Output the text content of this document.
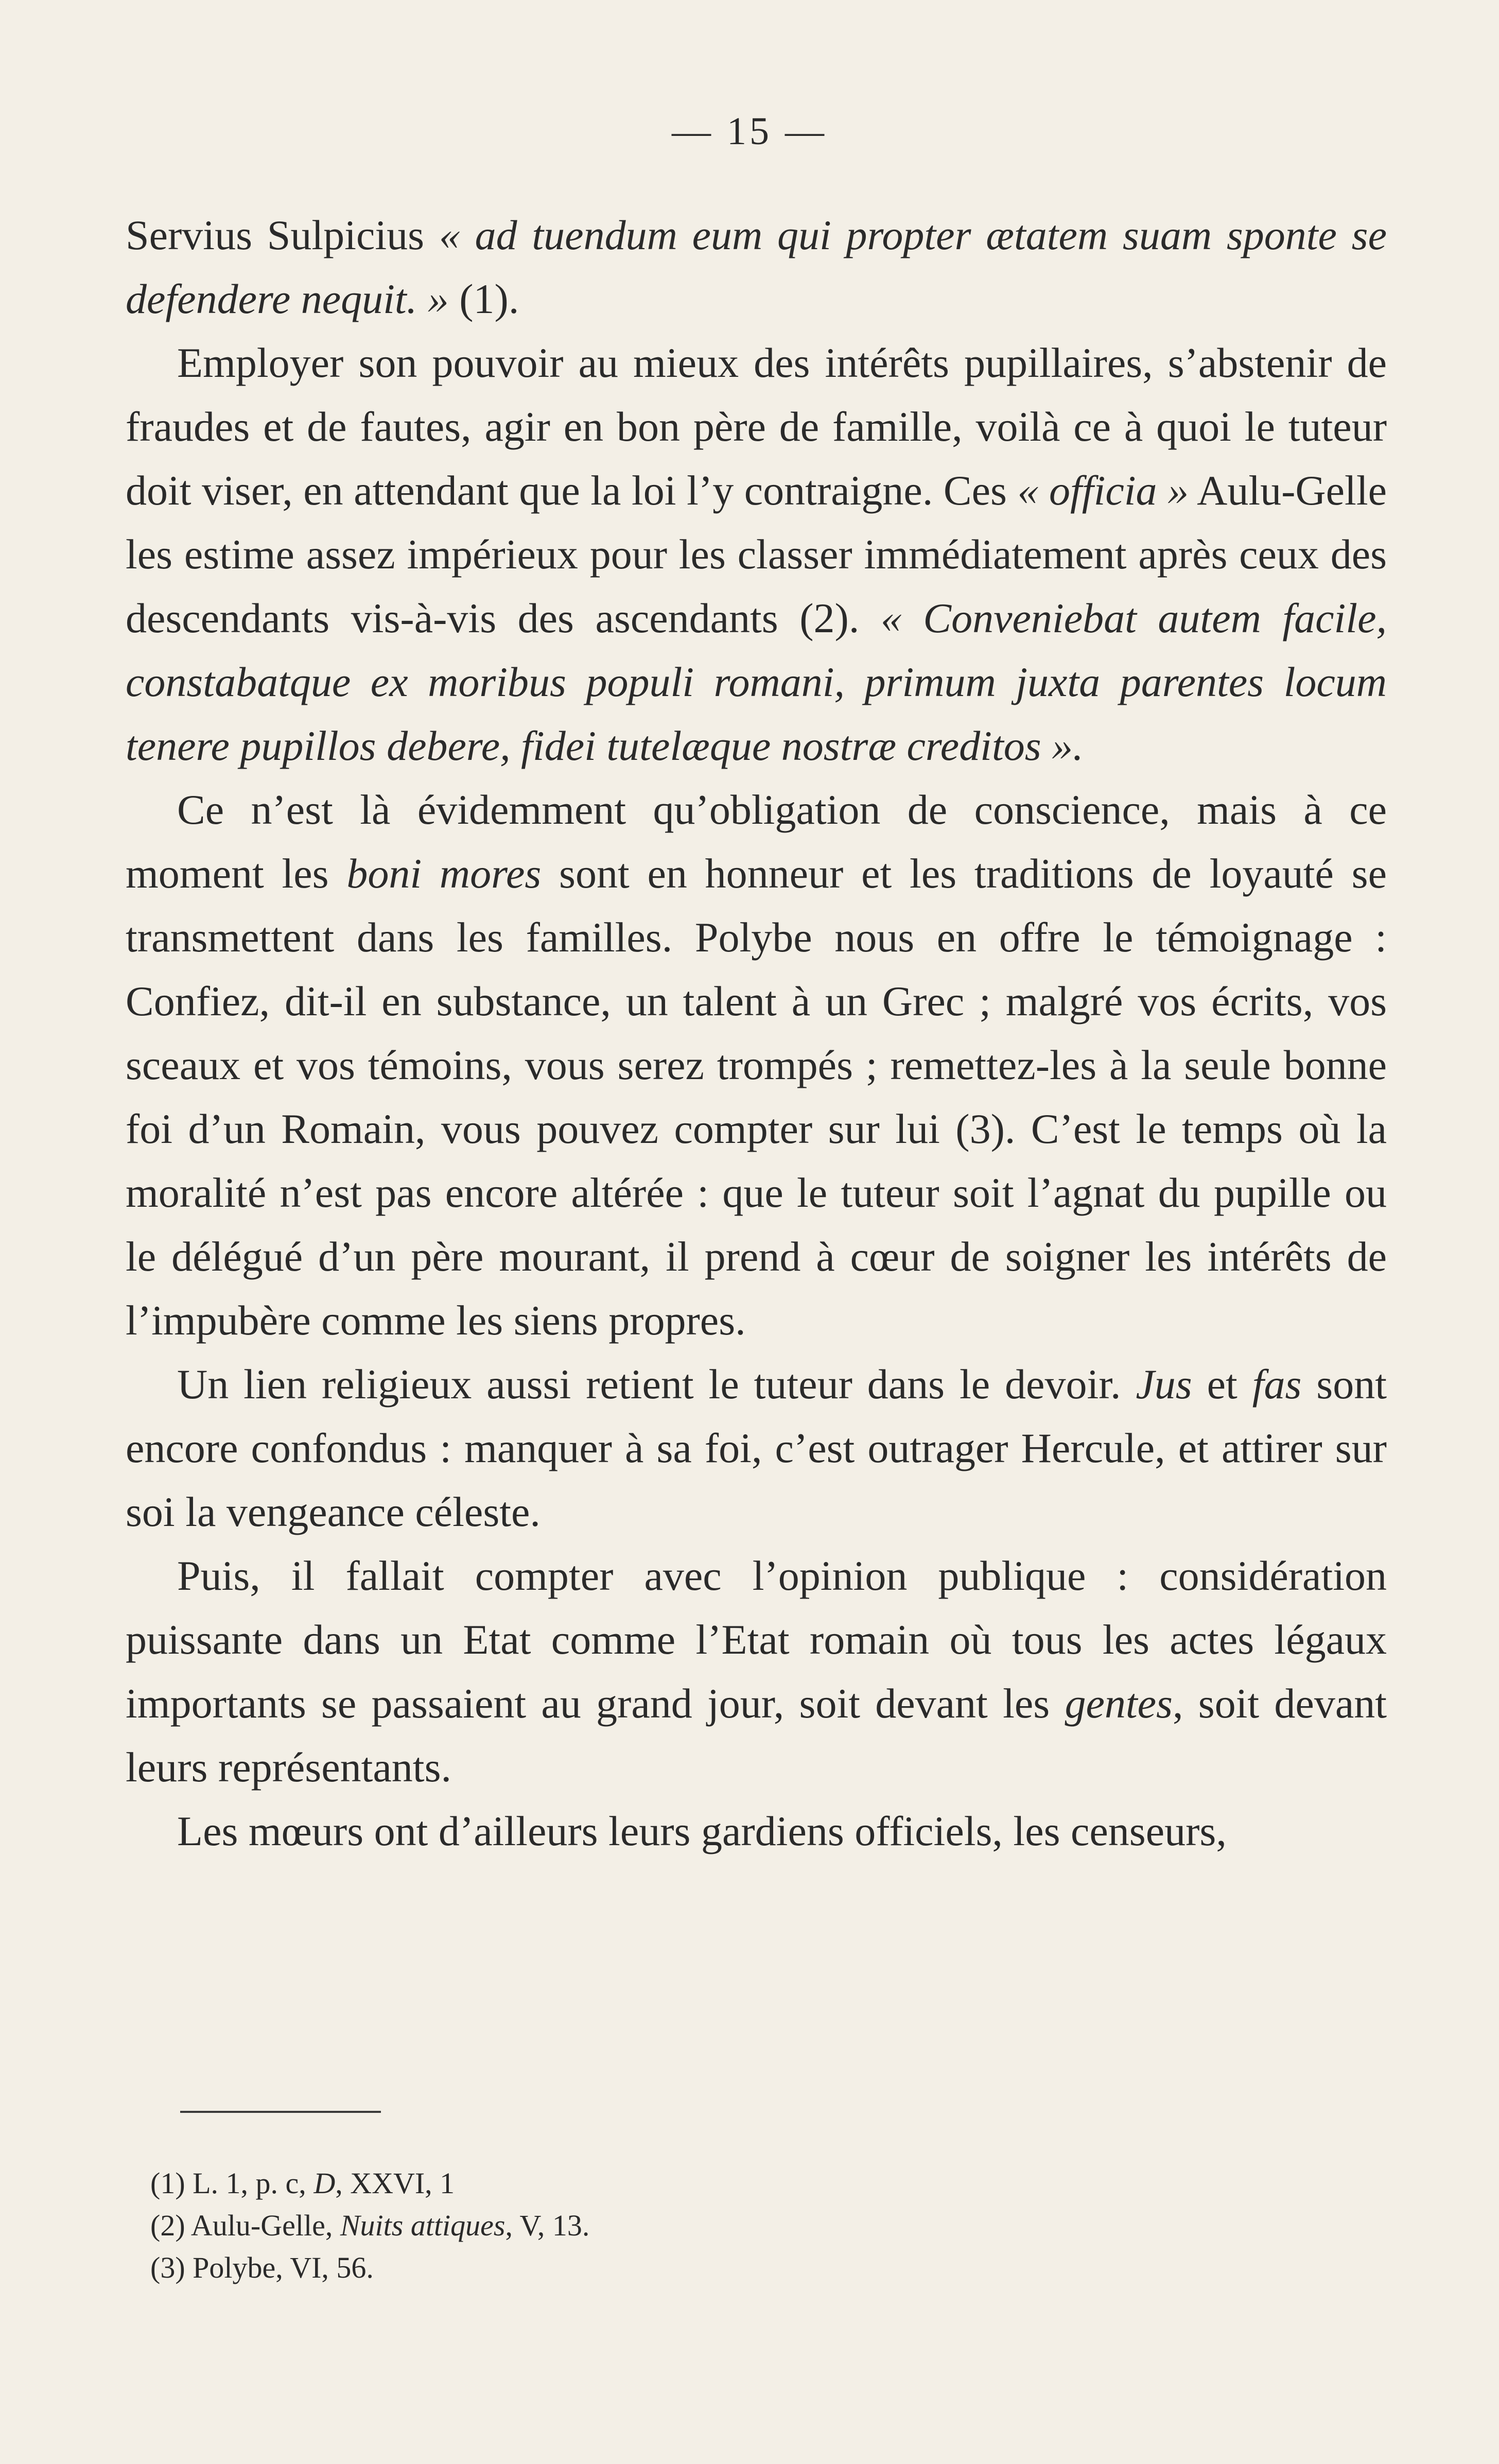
— 15 —

Servius Sulpicius « ad tuendum eum qui propter ætatem suam sponte se defendere nequit. » (1).

Employer son pouvoir au mieux des intérêts pupillaires, s’abstenir de fraudes et de fautes, agir en bon père de famille, voilà ce à quoi le tuteur doit viser, en attendant que la loi l’y contraigne. Ces « officia » Aulu-Gelle les estime assez impérieux pour les classer immédiatement après ceux des descendants vis-à-vis des ascendants (2). « Conveniebat autem facile, constabatque ex moribus populi romani, primum juxta parentes locum tenere pupillos debere, fidei tutelæque nostræ creditos ».

Ce n’est là évidemment qu’obligation de conscience, mais à ce moment les boni mores sont en honneur et les traditions de loyauté se transmettent dans les familles. Polybe nous en offre le témoignage : Confiez, dit-il en substance, un talent à un Grec ; malgré vos écrits, vos sceaux et vos témoins, vous serez trompés ; remettez-les à la seule bonne foi d’un Romain, vous pouvez compter sur lui (3). C’est le temps où la moralité n’est pas encore altérée : que le tuteur soit l’agnat du pupille ou le délégué d’un père mourant, il prend à cœur de soigner les intérêts de l’impubère comme les siens propres.

Un lien religieux aussi retient le tuteur dans le devoir. Jus et fas sont encore confondus : manquer à sa foi, c’est outrager Hercule, et attirer sur soi la vengeance céleste.

Puis, il fallait compter avec l’opinion publique : considération puissante dans un Etat comme l’Etat romain où tous les actes légaux importants se passaient au grand jour, soit devant les gentes, soit devant leurs représentants.

Les mœurs ont d’ailleurs leurs gardiens officiels, les censeurs,

(1) L. 1, p. c, D, XXVI, 1

(2) Aulu-Gelle, Nuits attiques, V, 13.

(3) Polybe, VI, 56.
